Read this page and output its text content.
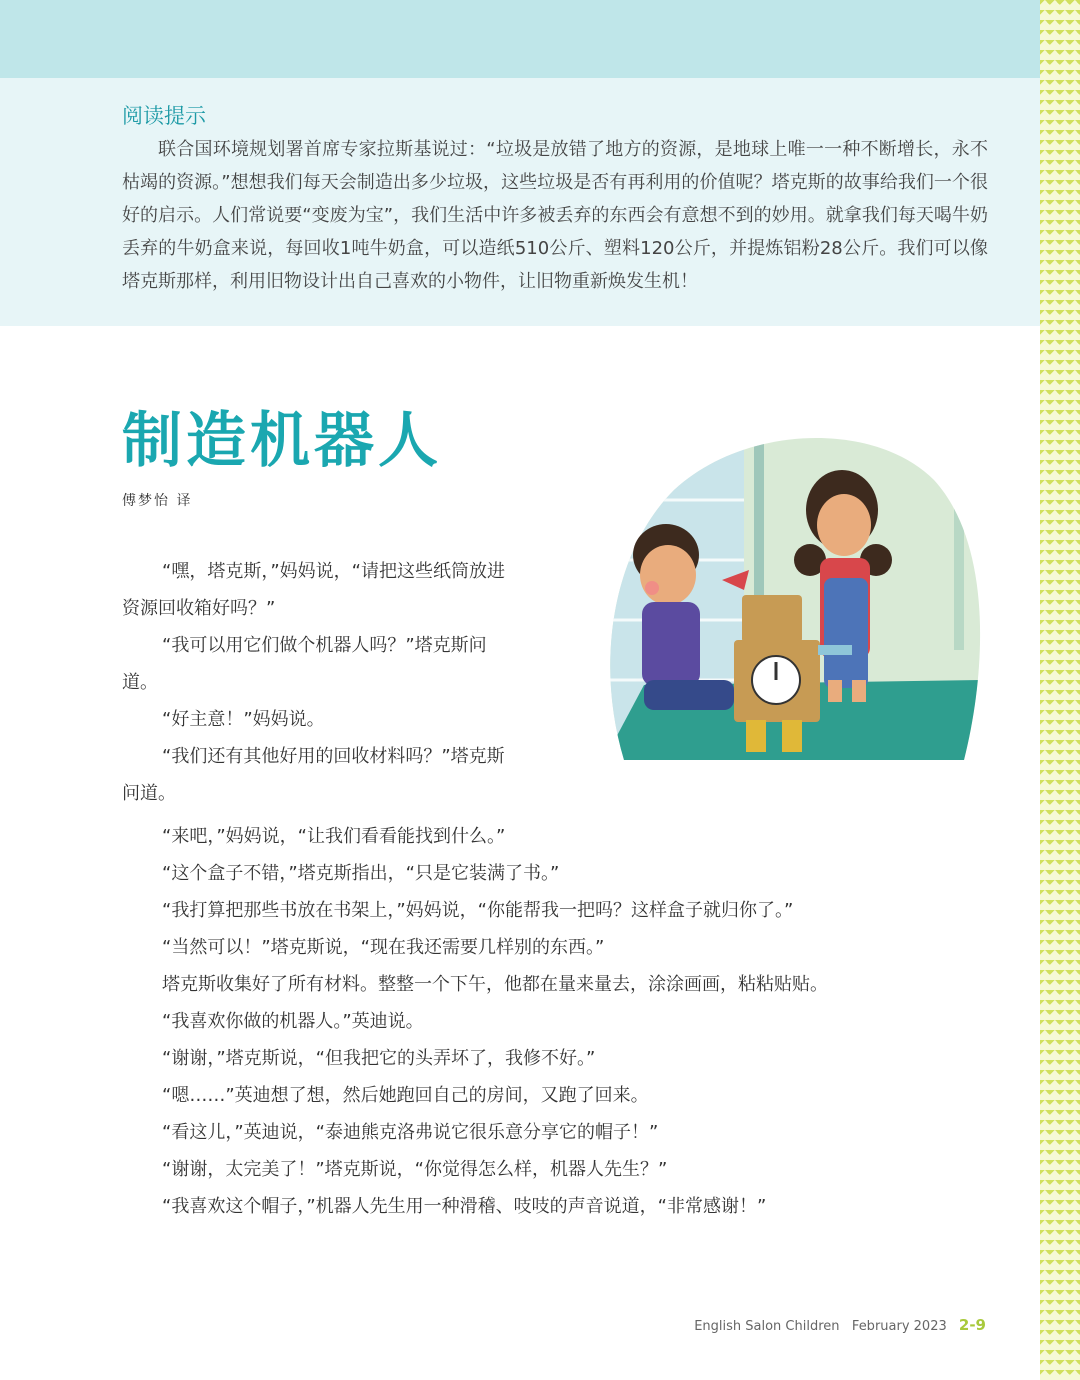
阅读提示
联合国环境规划署首席专家拉斯基说过：“垃圾是放错了地方的资源，是地球上唯一一种不断增长，永不枯竭的资源。”想想我们每天会制造出多少垃圾，这些垃圾是否有再利用的价值呢？塔克斯的故事给我们一个很好的启示。人们常说要“变废为宝”，我们生活中许多被丢弃的东西会有意想不到的妙用。就拿我们每天喝牛奶丢弃的牛奶盒来说，每回收1吨牛奶盒，可以造纸510公斤、塑料120公斤，并提炼铝粉28公斤。我们可以像塔克斯那样，利用旧物设计出自己喜欢的小物件，让旧物重新焕发生机！
制造机器人
傅梦怡 译

“嘿，塔克斯，”妈妈说，“请把这些纸筒放进资源回收箱好吗？”

“我可以用它们做个机器人吗？”塔克斯问道。

“好主意！”妈妈说。

“我们还有其他好用的回收材料吗？”塔克斯问道。

“来吧，”妈妈说，“让我们看看能找到什么。”

“这个盒子不错，”塔克斯指出，“只是它装满了书。”

“我打算把那些书放在书架上，”妈妈说，“你能帮我一把吗？这样盒子就归你了。”

“当然可以！”塔克斯说，“现在我还需要几样别的东西。”

塔克斯收集好了所有材料。整整一个下午，他都在量来量去，涂涂画画，粘粘贴贴。

“我喜欢你做的机器人。”英迪说。

“谢谢，”塔克斯说，“但我把它的头弄坏了，我修不好。”

“嗯……”英迪想了想，然后她跑回自己的房间，又跑了回来。

“看这儿，”英迪说，“泰迪熊克洛弗说它很乐意分享它的帽子！”

“谢谢，太完美了！”塔克斯说，“你觉得怎么样，机器人先生？”

“我喜欢这个帽子，”机器人先生用一种滑稽、吱吱的声音说道，“非常感谢！”

English Salon Children February 2023 2-9
